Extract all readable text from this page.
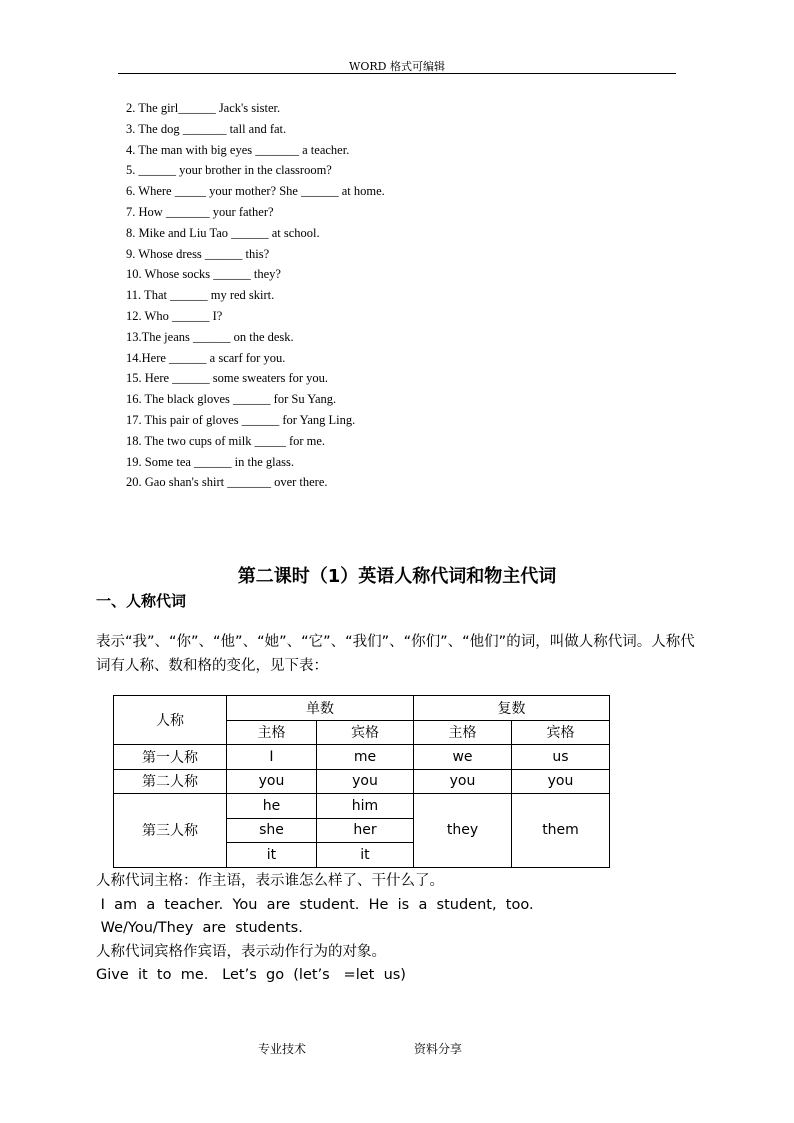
WORD 格式可编辑
2. The girl______ Jack's sister.
3. The dog _______ tall and fat.
4. The man with big eyes _______ a teacher.
5. ______ your brother in the classroom?
6. Where _____ your mother? She ______ at home.
7. How _______ your father?
8. Mike and Liu Tao ______ at school.
9. Whose dress ______ this?
10. Whose socks ______ they?
11. That ______ my red skirt.
12. Who ______ I?
13.The jeans ______ on the desk.
14.Here ______ a scarf for you.
15. Here ______ some sweaters for you.
16. The black gloves ______ for Su Yang.
17. This pair of gloves ______ for Yang Ling.
18. The two cups of milk _____ for me.
19. Some tea ______ in the glass.
20. Gao shan's shirt _______ over there.
第二课时（1）英语人称代词和物主代词
一、人称代词
表示“我”、“你”、“他”、“她”、“它”、“我们”、“你们”、“他们”的词，叫做人称代词。人称代词有人称、数和格的变化，见下表：
人称	单数		复数	
	主格	宾格	主格	宾格
第一人称	I	me	we	us
第二人称	you	you	you	you
第三人称	he	him	they	them
	she	her		
	it	it		
人称代词主格：作主语，表示谁怎么样了、干什么了。
I  am  a  teacher.  You  are  student.  He  is  a  student,  too.
We/You/They  are  students.
人称代词宾格作宾语，表示动作行为的对象。
Give  it  to  me.   Let’s  go  (let’s   =let  us)
专业技术	资料分享
